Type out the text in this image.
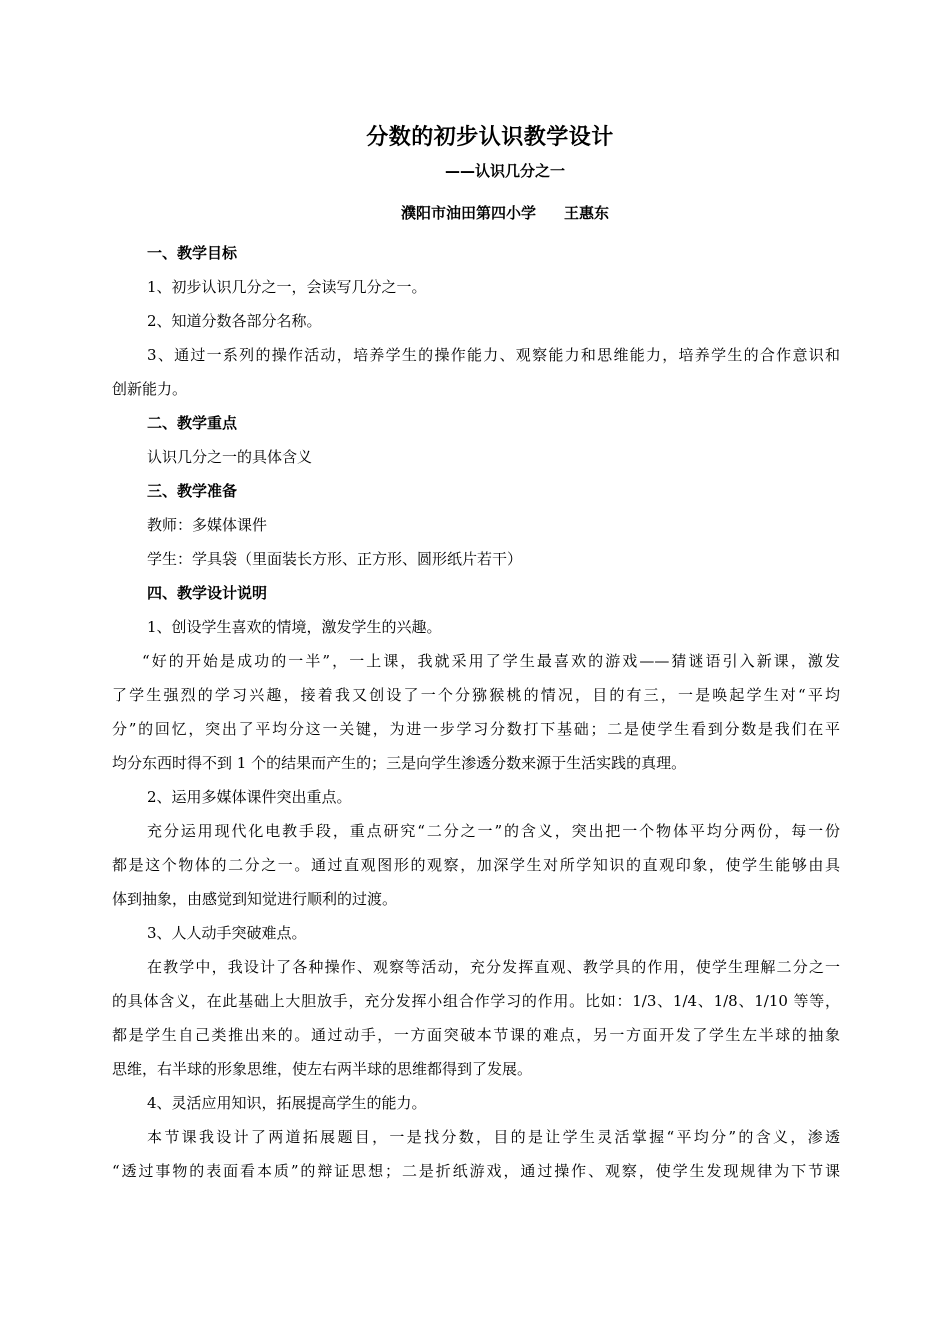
分数的初步认识教学设计
——认识几分之一
濮阳市油田第四小学 王惠东
一、教学目标
1、初步认识几分之一，会读写几分之一。
2、知道分数各部分名称。
3、通过一系列的操作活动，培养学生的操作能力、观察能力和思维能力，培养学生的合作意识和
创新能力。
二、教学重点
认识几分之一的具体含义
三、教学准备
教师：多媒体课件
学生：学具袋（里面装长方形、正方形、圆形纸片若干）
四、教学设计说明
1、创设学生喜欢的情境，激发学生的兴趣。
“好的开始是成功的一半”，一上课，我就采用了学生最喜欢的游戏——猜谜语引入新课，激发
了学生强烈的学习兴趣，接着我又创设了一个分猕猴桃的情况，目的有三，一是唤起学生对“平均
分”的回忆，突出了平均分这一关键，为进一步学习分数打下基础；二是使学生看到分数是我们在平
均分东西时得不到 1 个的结果而产生的；三是向学生渗透分数来源于生活实践的真理。
2、运用多媒体课件突出重点。
充分运用现代化电教手段，重点研究“二分之一”的含义，突出把一个物体平均分两份，每一份
都是这个物体的二分之一。通过直观图形的观察，加深学生对所学知识的直观印象，使学生能够由具
体到抽象，由感觉到知觉进行顺利的过渡。
3、人人动手突破难点。
在教学中，我设计了各种操作、观察等活动，充分发挥直观、教学具的作用，使学生理解二分之一
的具体含义，在此基础上大胆放手，充分发挥小组合作学习的作用。比如：1/3、1/4、1/8、1/10 等等，
都是学生自己类推出来的。通过动手，一方面突破本节课的难点，另一方面开发了学生左半球的抽象
思维，右半球的形象思维，使左右两半球的思维都得到了发展。
4、灵活应用知识，拓展提高学生的能力。
本节课我设计了两道拓展题目，一是找分数，目的是让学生灵活掌握“平均分”的含义，渗透
“透过事物的表面看本质”的辩证思想；二是折纸游戏，通过操作、观察，使学生发现规律为下节课
